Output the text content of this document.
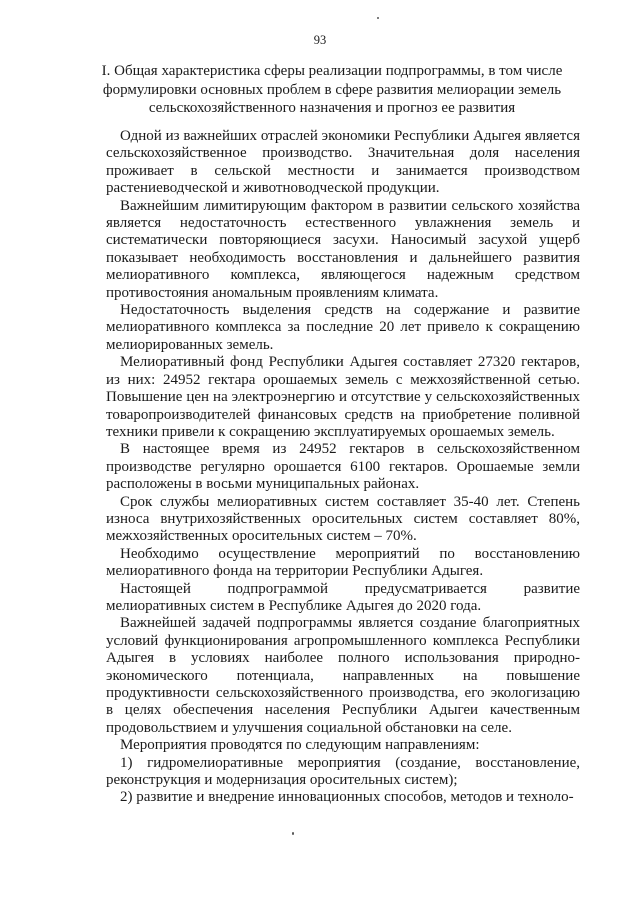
93
I. Общая характеристика сферы реализации подпрограммы, в том числе формулировки основных проблем в сфере развития мелиорации земель сельскохозяйственного назначения и прогноз ее развития

Одной из важнейших отраслей экономики Республики Адыгея является сельскохозяйственное производство. Значительная доля населения проживает в сельской местности и занимается производством растениеводческой и животноводческой продукции.

Важнейшим лимитирующим фактором в развитии сельского хозяйства является недостаточность естественного увлажнения земель и систематически повторяющиеся засухи. Наносимый засухой ущерб показывает необходимость восстановления и дальнейшего развития мелиоративного комплекса, являющегося надежным средством противостояния аномальным проявлениям климата.

Недостаточность выделения средств на содержание и развитие мелиоративного комплекса за последние 20 лет привело к сокращению мелиорированных земель.

Мелиоративный фонд Республики Адыгея составляет 27320 гектаров, из них: 24952 гектара орошаемых земель с межхозяйственной сетью. Повышение цен на электроэнергию и отсутствие у сельскохозяйственных товаропроизводителей финансовых средств на приобретение поливной техники привели к сокращению эксплуатируемых орошаемых земель.

В настоящее время из 24952 гектаров в сельскохозяйственном производстве регулярно орошается 6100 гектаров. Орошаемые земли расположены в восьми муниципальных районах.

Срок службы мелиоративных систем составляет 35-40 лет. Степень износа внутрихозяйственных оросительных систем составляет 80%, межхозяйственных оросительных систем – 70%.

Необходимо осуществление мероприятий по восстановлению мелиоративного фонда на территории Республики Адыгея.

Настоящей подпрограммой предусматривается развитие мелиоративных систем в Республике Адыгея до 2020 года.

Важнейшей задачей подпрограммы является создание благоприятных условий функционирования агропромышленного комплекса Республики Адыгея в условиях наиболее полного использования природно-экономического потенциала, направленных на повышение продуктивности сельскохозяйственного производства, его экологизацию в целях обеспечения населения Республики Адыгеи качественным продовольствием и улучшения социальной обстановки на селе.

Мероприятия проводятся по следующим направлениям:

1) гидромелиоративные мероприятия (создание, восстановление, реконструкция и модернизация оросительных систем);

2) развитие и внедрение инновационных способов, методов и техноло-
